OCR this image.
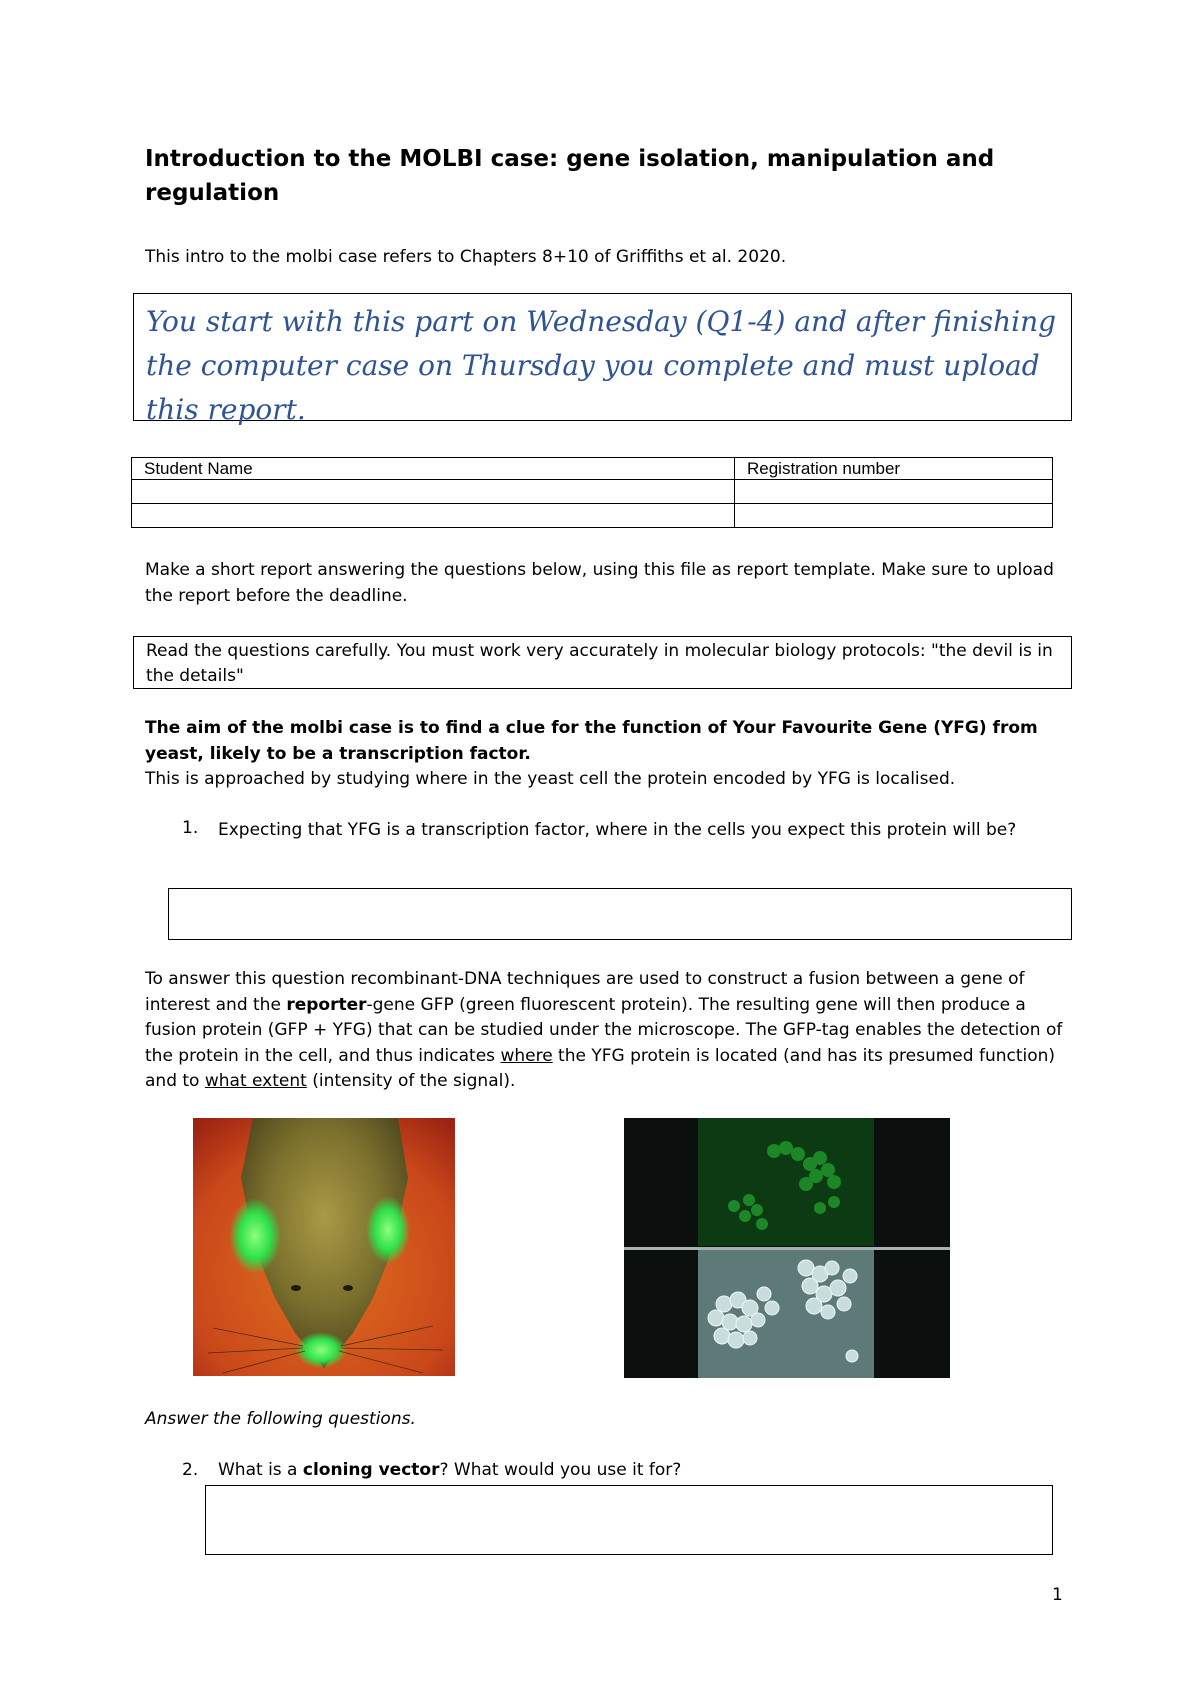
Introduction to the MOLBI case: gene isolation, manipulation and regulation
This intro to the molbi case refers to Chapters 8+10 of Griffiths et al. 2020.
You start with this part on Wednesday (Q1-4) and after finishing the computer case on Thursday you complete and must upload this report.
Student Name	Registration number

Make a short report answering the questions below, using this file as report template. Make sure to upload the report before the deadline.
Read the questions carefully. You must work very accurately in molecular biology protocols: "the devil is in the details"
The aim of the molbi case is to find a clue for the function of Your Favourite Gene (YFG) from yeast, likely to be a transcription factor.
This is approached by studying where in the yeast cell the protein encoded by YFG is localised.
1. Expecting that YFG is a transcription factor, where in the cells you expect this protein will be?
To answer this question recombinant-DNA techniques are used to construct a fusion between a gene of interest and the reporter-gene GFP (green fluorescent protein). The resulting gene will then produce a fusion protein (GFP + YFG) that can be studied under the microscope. The GFP-tag enables the detection of the protein in the cell, and thus indicates where the YFG protein is located (and has its presumed function) and to what extent (intensity of the signal).
Answer the following questions.
2. What is a cloning vector? What would you use it for?
1
